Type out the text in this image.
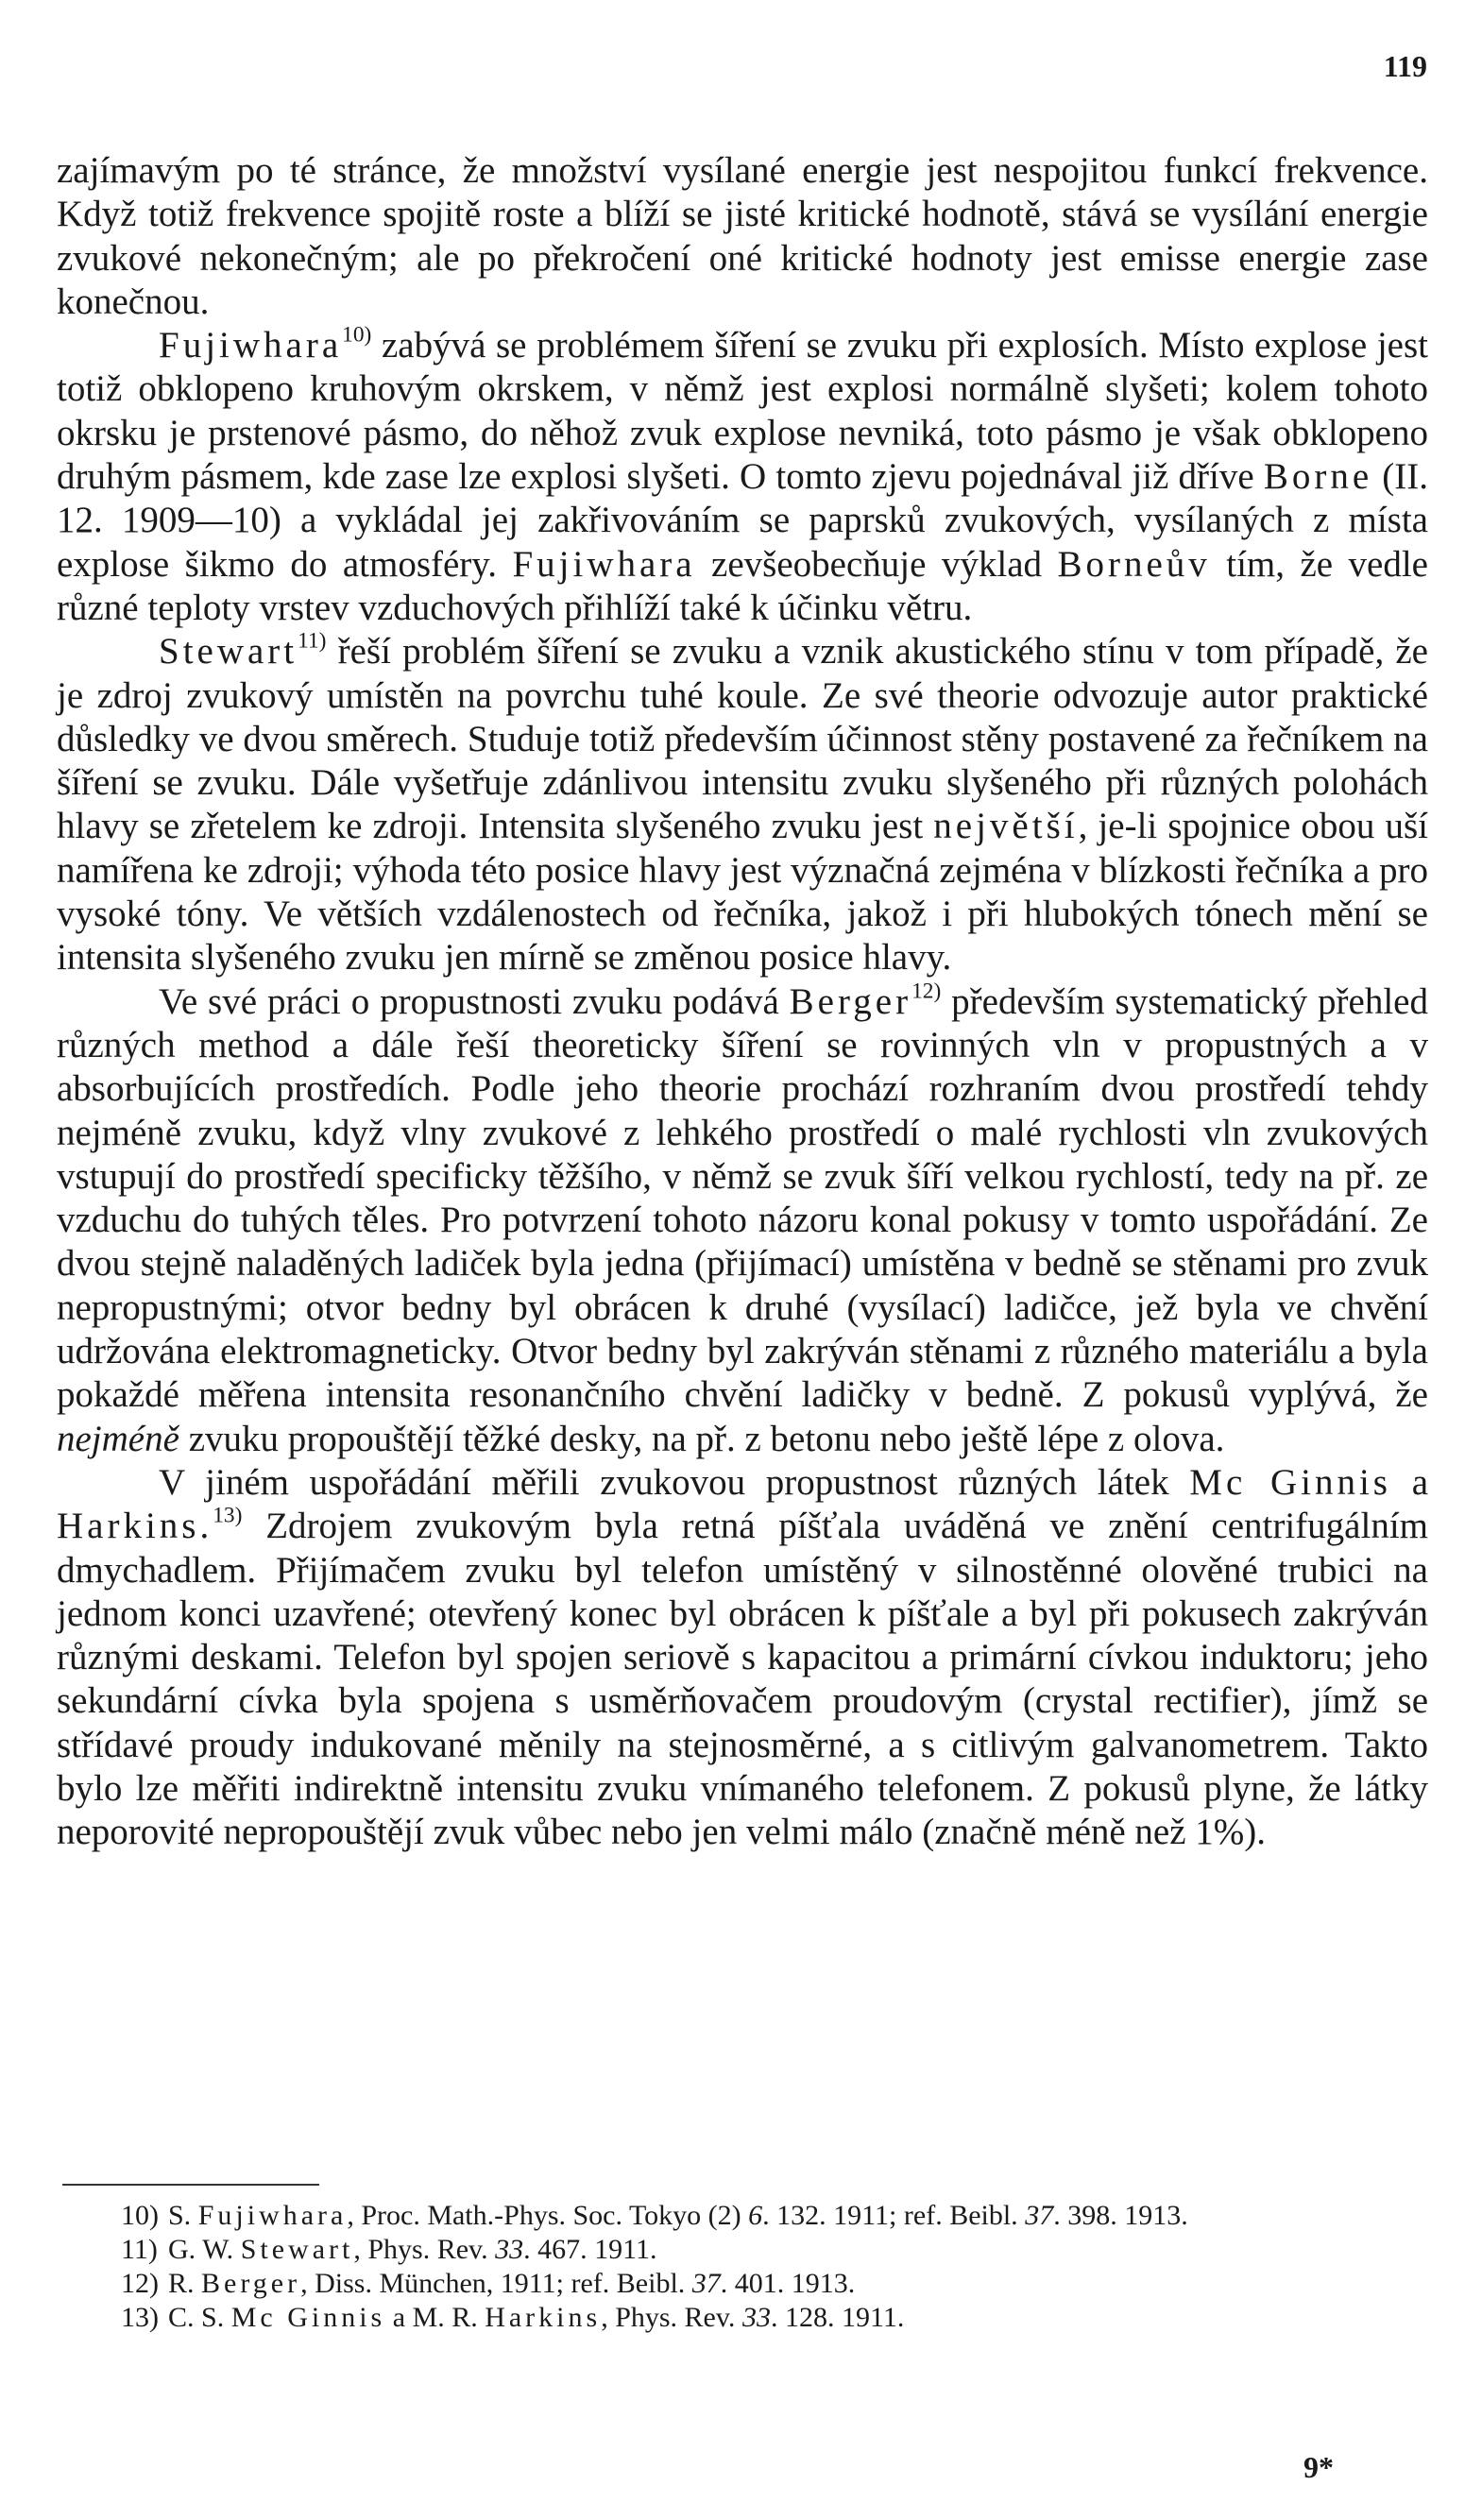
119

zajímavým po té stránce, že množství vysílané energie jest nespojitou funkcí frekvence. Když totiž frekvence spojitě roste a blíží se jisté kritické hodnotě, stává se vysílání energie zvukové nekonečným; ale po překročení oné kritické hodnoty jest emisse energie zase konečnou.

Fujiwhara$^{10)}$ zabývá se problémem šíření se zvuku při explosích. Místo explose jest totiž obklopeno kruhovým okrskem, v němž jest explosi normálně slyšeti; kolem tohoto okrsku je prstenové pásmo, do něhož zvuk explose nevniká, toto pásmo je však obklopeno druhým pásmem, kde zase lze explosi slyšeti. O tomto zjevu pojednával již dříve Borne (II. 12. 1909—10) a vykládal jej zakřivováním se paprsků zvukových, vysílaných z místa explose šikmo do atmosféry. Fujiwhara zevšeobecňuje výklad Borneův tím, že vedle různé teploty vrstev vzduchových přihlíží také k účinku větru.

Stewart$^{11)}$ řeší problém šíření se zvuku a vznik akustického stínu v tom případě, že je zdroj zvukový umístěn na povrchu tuhé koule. Ze své theorie odvozuje autor praktické důsledky ve dvou směrech. Studuje totiž především účinnost stěny postavené za řečníkem na šíření se zvuku. Dále vyšetřuje zdánlivou intensitu zvuku slyšeného při různých polohách hlavy se zřetelem ke zdroji. Intensita slyšeného zvuku jest největší, je-li spojnice obou uší namířena ke zdroji; výhoda této posice hlavy jest význačná zejména v blízkosti řečníka a pro vysoké tóny. Ve větších vzdálenostech od řečníka, jakož i při hlubokých tónech mění se intensita slyšeného zvuku jen mírně se změnou posice hlavy.

Ve své práci o propustnosti zvuku podává Berger$^{12)}$ především systematický přehled různých method a dále řeší theoreticky šíření se rovinných vln v propustných a v absorbujících prostředích. Podle jeho theorie prochází rozhraním dvou prostředí tehdy nejméně zvuku, když vlny zvukové z lehkého prostředí o malé rychlosti vln zvukových vstupují do prostředí specificky těžšího, v němž se zvuk šíří velkou rychlostí, tedy na př. ze vzduchu do tuhých těles. Pro potvrzení tohoto názoru konal pokusy v tomto uspořádání. Ze dvou stejně naladěných ladiček byla jedna (přijímací) umístěna v bedně se stěnami pro zvuk nepropustnými; otvor bedny byl obrácen k druhé (vysílací) ladičce, jež byla ve chvění udržována elektromagneticky. Otvor bedny byl zakrýván stěnami z různého materiálu a byla pokaždé měřena intensita resonančního chvění ladičky v bedně. Z pokusů vyplývá, že nejméně zvuku propouštějí těžké desky, na př. z betonu nebo ještě lépe z olova.

V jiném uspořádání měřili zvukovou propustnost různých látek Mc Ginnis a Harkins.$^{13)}$ Zdrojem zvukovým byla retná píšťala uváděná ve znění centrifugálním dmychadlem. Přijímačem zvuku byl telefon umístěný v silnostěnné olověné trubici na jednom konci uzavřené; otevřený konec byl obrácen k píšťale a byl při pokusech zakrýván různými deskami. Telefon byl spojen seriově s kapacitou a primární cívkou induktoru; jeho sekundární cívka byla spojena s usměrňovačem proudovým (crystal rectifier), jímž se střídavé proudy indukované měnily na stejnosměrné, a s citlivým galvanometrem. Takto bylo lze měřiti indirektně intensitu zvuku vnímaného telefonem. Z pokusů plyne, že látky neporovité nepropouštějí zvuk vůbec nebo jen velmi málo (značně méně než 1%).

10) S. Fujiwhara, Proc. Math.-Phys. Soc. Tokyo (2) 6. 132. 1911; ref. Beibl. 37. 398. 1913.

11) G. W. Stewart, Phys. Rev. 33. 467. 1911.

12) R. Berger, Diss. München, 1911; ref. Beibl. 37. 401. 1913.

13) C. S. Mc Ginnis a M. R. Harkins, Phys. Rev. 33. 128. 1911.

9*
